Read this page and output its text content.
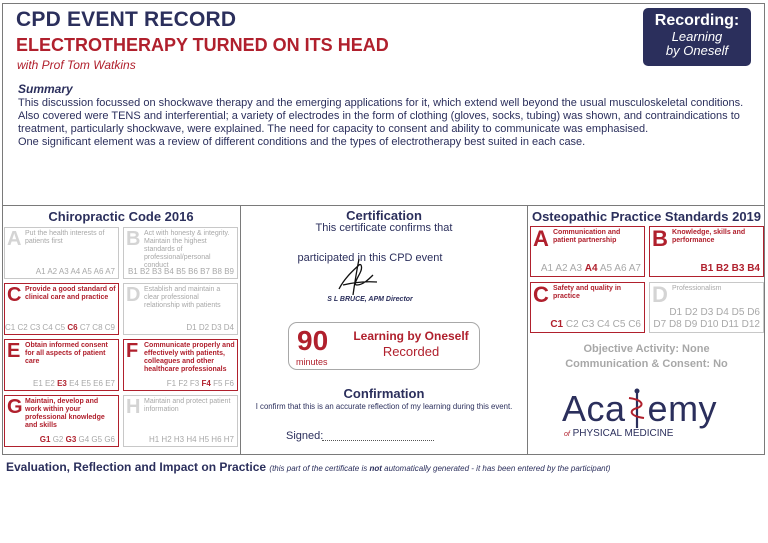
CPD EVENT RECORD
ELECTROTHERAPY TURNED ON ITS HEAD
with Prof Tom Watkins
Recording:
Learning
by Oneself
Summary

This discussion focussed on shockwave therapy and the emerging applications for it, which extend well beyond the usual musculoskeletal conditions. Also covered were TENS and interferential; a variety of electrodes in the form of clothing (gloves, socks, tubing) was shown, and contraindications to treatment, particularly shockwave, were explained. The need for capacity to consent and ability to communicate was emphasised.

One significant element was a review of different conditions and the types of electrotherapy best suited in each case.

Chiropractic Code 2016
A Put the health interests of patients first
A1 A2 A3 A4 A5 A6 A7
B Act with honesty & integrity. Maintain the highest standards of professional/personal conduct
B1 B2 B3 B4 B5 B6 B7 B8 B9
C Provide a good standard of clinical care and practice
C1 C2 C3 C4 C5 C6 C7 C8 C9
D Establish and maintain a clear professional relationship with patients
D1 D2 D3 D4
E Obtain informed consent for all aspects of patient care
E1 E2 E3 E4 E5 E6 E7
F Communicate properly and effectively with patients, colleagues and other healthcare professionals
F1 F2 F3 F4 F5 F6
G Maintain, develop and work within your professional knowledge and skills
G1 G2 G3 G4 G5 G6
H Maintain and protect patient information
H1 H2 H3 H4 H5 H6 H7
Certification
This certificate confirms that
participated in this CPD event
S L BRUCE, APM Director
90
minutes
Learning by Oneself
Recorded
Confirmation
I confirm that this is an accurate reflection of my learning during this event.
Signed:
Osteopathic Practice Standards 2019
A Communication and patient partnership
A1 A2 A3 A4 A5 A6 A7
B Knowledge, skills and performance
B1 B2 B3 B4
C Safety and quality in practice
C1 C2 C3 C4 C5 C6
D Professionalism
D1 D2 D3 D4 D5 D6
D7 D8 D9 D10 D11 D12
Objective Activity: None
Communication & Consent: No
Aca emy
of PHYSICAL MEDICINE
Evaluation, Reflection and Impact on Practice (this part of the certificate is not automatically generated - it has been entered by the participant)
